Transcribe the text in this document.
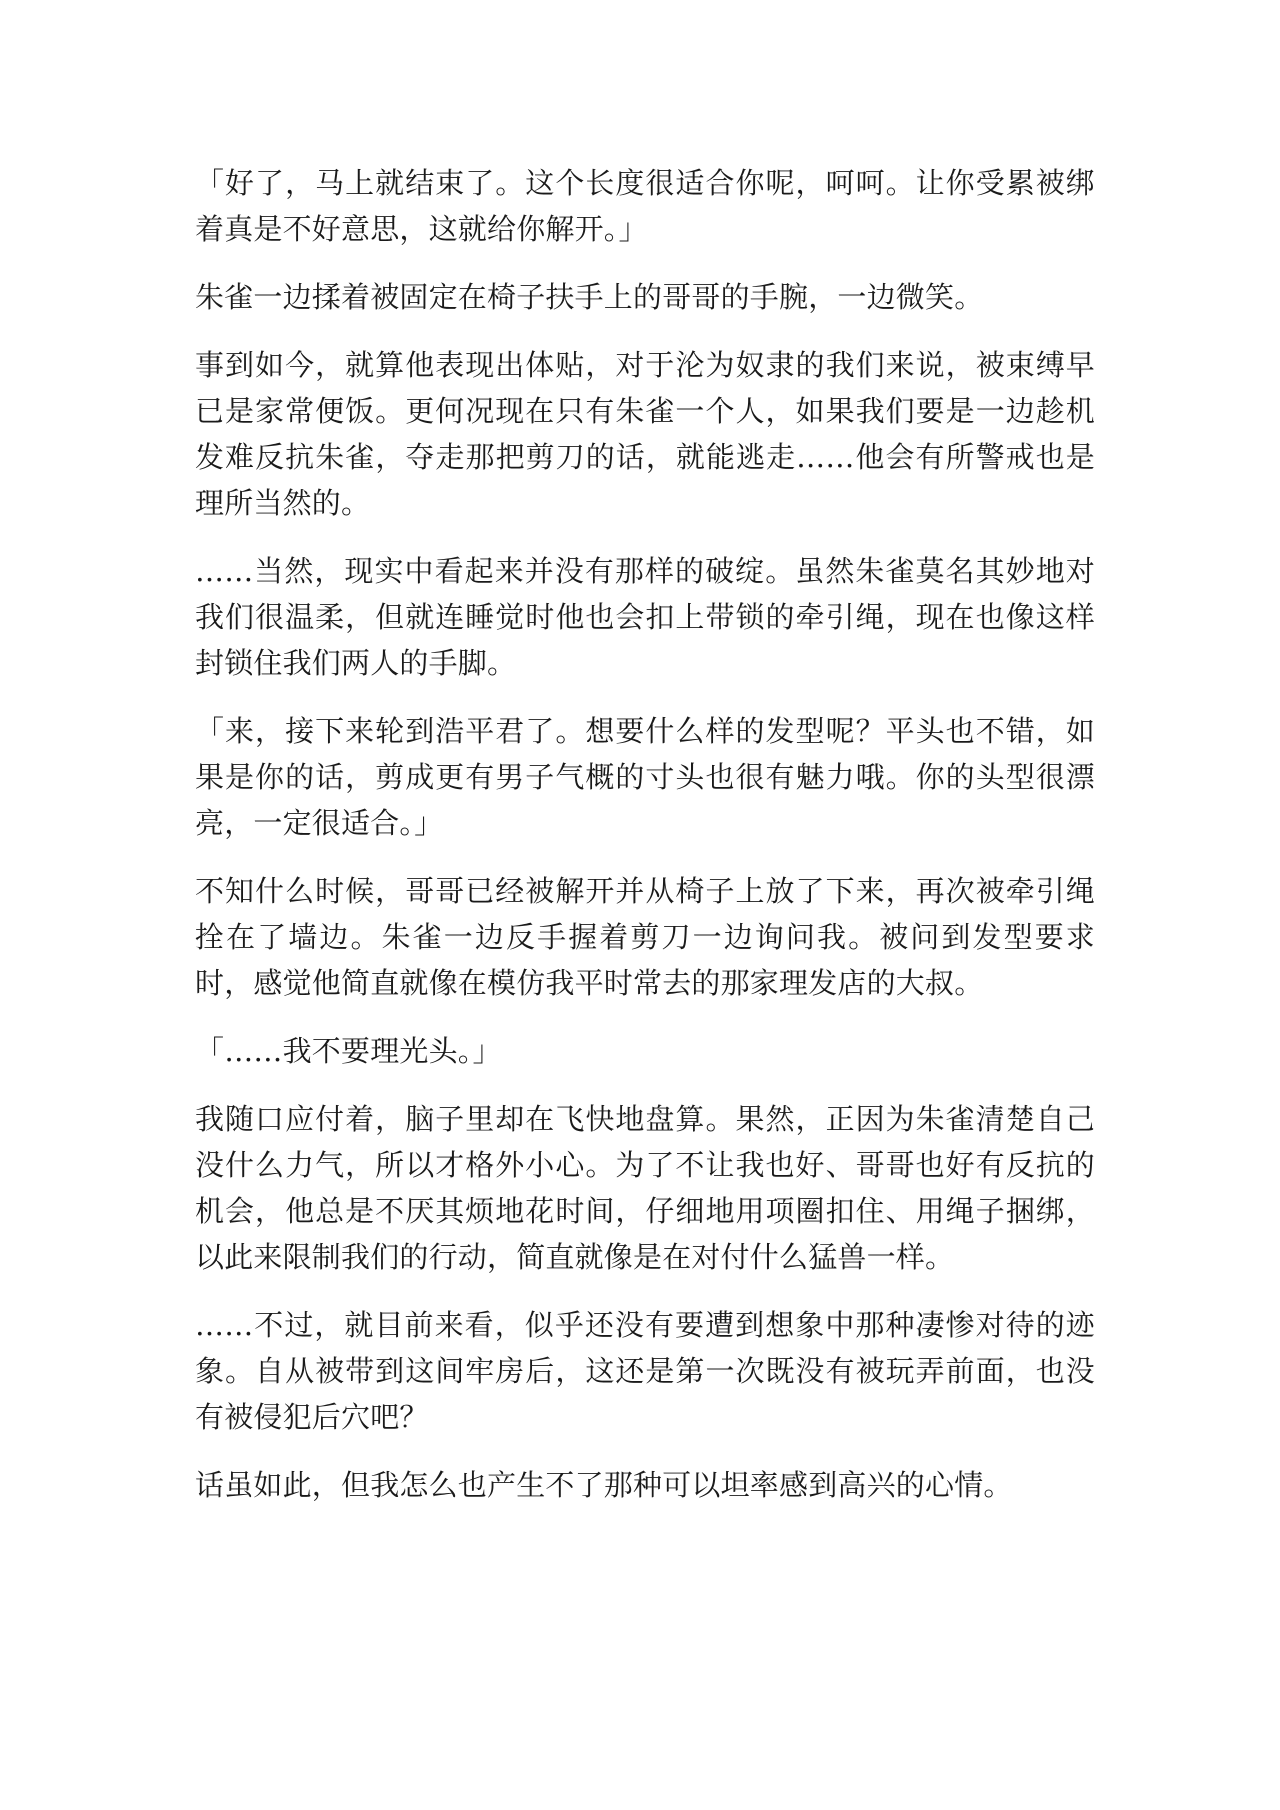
「好了，马上就结束了。这个长度很适合你呢，呵呵。让你受累被绑着真是不好意思，这就给你解开。」

朱雀一边揉着被固定在椅子扶手上的哥哥的手腕，一边微笑。

事到如今，就算他表现出体贴，对于沦为奴隶的我们来说，被束缚早已是家常便饭。更何况现在只有朱雀一个人，如果我们要是一边趁机发难反抗朱雀，夺走那把剪刀的话，就能逃走……他会有所警戒也是理所当然的。

……当然，现实中看起来并没有那样的破绽。虽然朱雀莫名其妙地对我们很温柔，但就连睡觉时他也会扣上带锁的牵引绳，现在也像这样封锁住我们两人的手脚。

「来，接下来轮到浩平君了。想要什么样的发型呢？平头也不错，如果是你的话，剪成更有男子气概的寸头也很有魅力哦。你的头型很漂亮，一定很适合。」

不知什么时候，哥哥已经被解开并从椅子上放了下来，再次被牵引绳拴在了墙边。朱雀一边反手握着剪刀一边询问我。被问到发型要求时，感觉他简直就像在模仿我平时常去的那家理发店的大叔。

「……我不要理光头。」

我随口应付着，脑子里却在飞快地盘算。果然，正因为朱雀清楚自己没什么力气，所以才格外小心。为了不让我也好、哥哥也好有反抗的机会，他总是不厌其烦地花时间，仔细地用项圈扣住、用绳子捆绑，以此来限制我们的行动，简直就像是在对付什么猛兽一样。

……不过，就目前来看，似乎还没有要遭到想象中那种凄惨对待的迹象。自从被带到这间牢房后，这还是第一次既没有被玩弄前面，也没有被侵犯后穴吧？

话虽如此，但我怎么也产生不了那种可以坦率感到高兴的心情。
